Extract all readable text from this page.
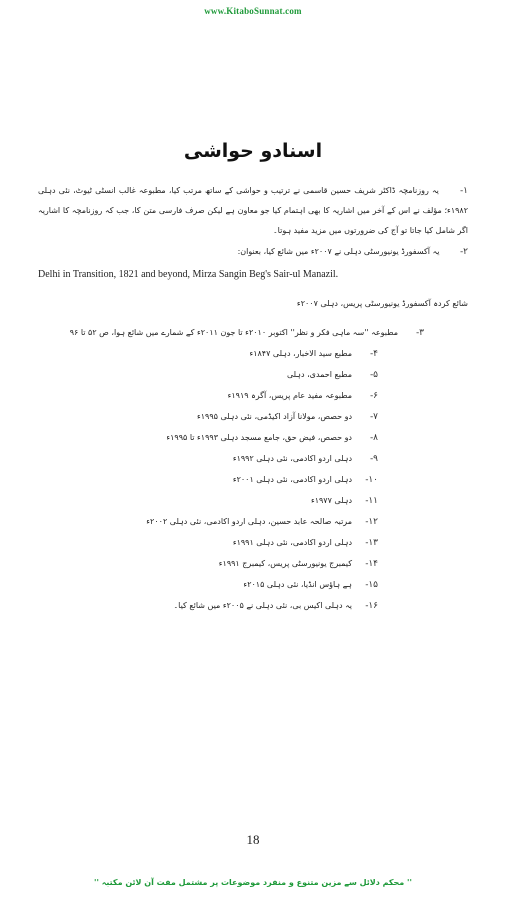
www.KitaboSunnat.com
اسنادو حواشی

۱- یہ روزنامچہ ڈاکٹر شریف حسین قاسمی نے ترتیب و حواشی کے ساتھ مرتب کیا، مطبوعہ غالب انسٹی ٹیوٹ، نئی دہلی ۱۹۸۲ء؛ مؤلف نے اس کے آخر میں اشاریہ کا بھی اہتمام کیا جو معاون ہے لیکن صرف فارسی متن کا، جب کہ روزنامچہ کا اشاریہ اگر شامل کیا جاتا تو آج کی ضرورتوں میں مزید مفید ہوتا۔

۲- یہ آکسفورڈ یونیورسٹی دہلی نے ۲۰۰۷ء میں شائع کیا، بعنوان:

Delhi in Transition, 1821 and beyond, Mirza Sangin Beg's Sair-ul Manazil.

شائع کردہ آکسفورڈ یونیورسٹی پریس، دہلی ۲۰۰۷ء

۳-مطبوعہ ''سہ ماہی فکر و نظر'' اکتوبر ۲۰۱۰ء تا جون ۲۰۱۱ء کے شمارے میں شائع ہوا، ص ۵۲ تا ۹۶

۴-مطبع سید الاخبار، دہلی ۱۸۴۷ء

۵-مطبع احمدی، دہلی

۶-مطبوعہ مفید عام پریس، آگرہ ۱۹۱۹ء

۷-دو حصص، مولانا آزاد اکیڈمی، نئی دہلی ۱۹۹۵ء

۸-دو حصص، فیض حق، جامع مسجد دہلی ۱۹۹۳ء تا ۱۹۹۵ء

۹-دہلی اردو اکادمی، نئی دہلی ۱۹۹۲ء

۱۰-دہلی اردو اکادمی، نئی دہلی ۲۰۰۱ء

۱۱-دہلی ۱۹۷۷ء

۱۲-مرتبہ صالحہ عابد حسین، دہلی اردو اکادمی، نئی دہلی ۲۰۰۲ء

۱۳-دہلی اردو اکادمی، نئی دہلی ۱۹۹۱ء

۱۴-کیمبرج یونیورسٹی پریس، کیمبرج ۱۹۹۱ء

۱۵-ہے ہاؤس انڈیا، نئی دہلی ۲۰۱۵ء

۱۶-یہ دہلی اکیس بی، نئی دہلی نے ۲۰۰۵ء میں شائع کیا۔

18
'' محکم دلائل سے مزین متنوع و منفرد موضوعات پر مشتمل مفت آن لائن مکتبہ ''
